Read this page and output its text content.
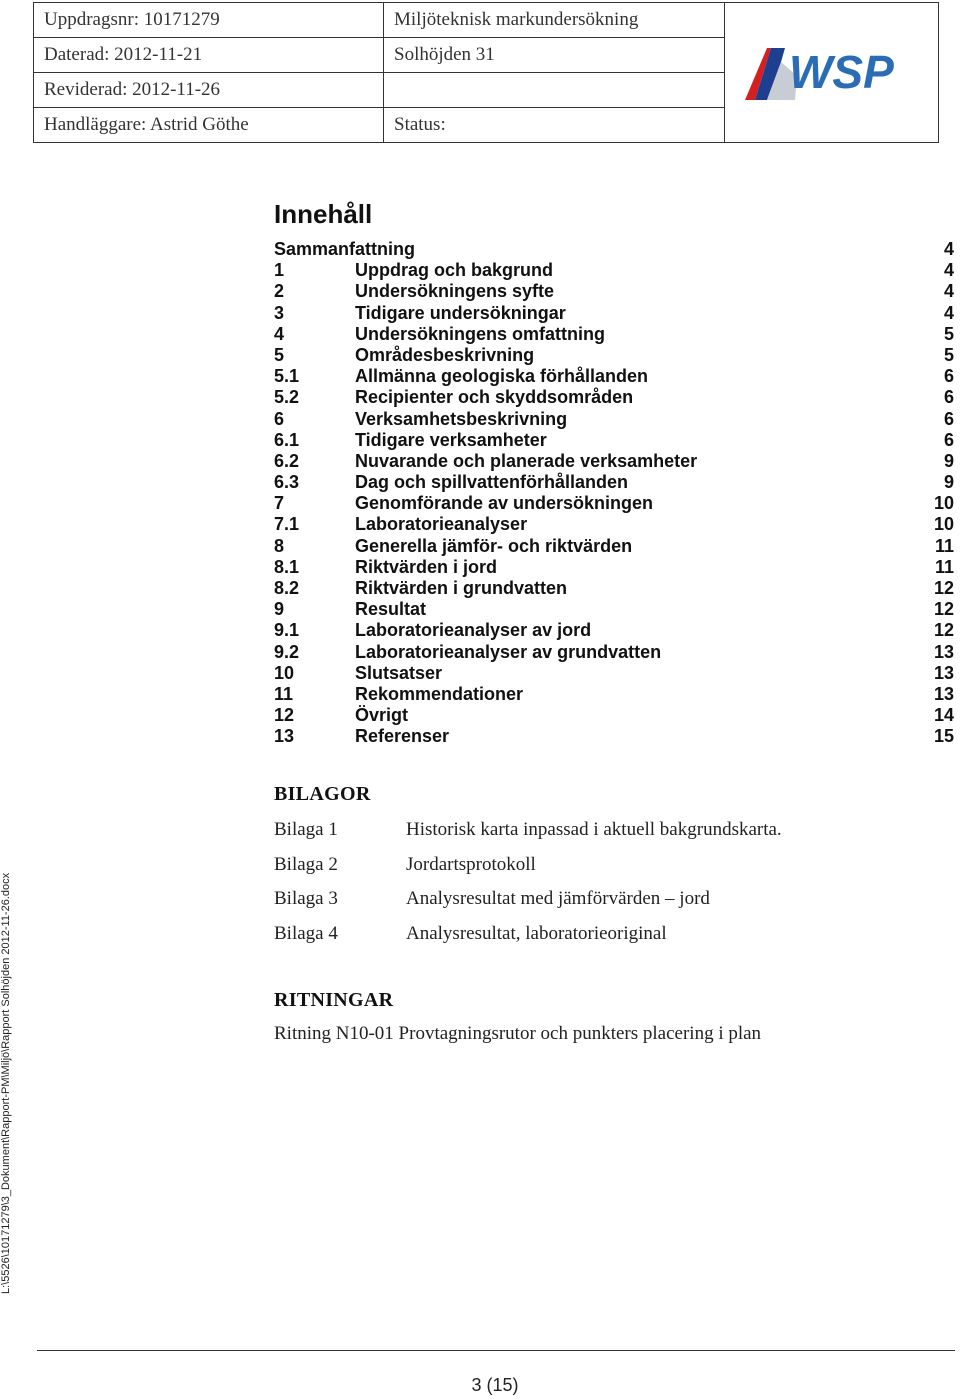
Uppdragsnr: 10171279	Miljöteknisk markundersökning	WSP

Daterad: 2012-11-21	Solhöjden 31	
Reviderad: 2012-11-26		
Handläggare: Astrid Göthe	Status:	
Innehåll
Sammanfattning	4
1	Uppdrag och bakgrund	4
2	Undersökningens syfte	4
3	Tidigare undersökningar	4
4	Undersökningens omfattning	5
5	Områdesbeskrivning	5
5.1	Allmänna geologiska förhållanden	6
5.2	Recipienter och skyddsområden	6
6	Verksamhetsbeskrivning	6
6.1	Tidigare verksamheter	6
6.2	Nuvarande och planerade verksamheter	9
6.3	Dag och spillvattenförhållanden	9
7	Genomförande av undersökningen	10
7.1	Laboratorieanalyser	10
8	Generella jämför- och riktvärden	11
8.1	Riktvärden i jord	11
8.2	Riktvärden i grundvatten	12
9	Resultat	12
9.1	Laboratorieanalyser av jord	12
9.2	Laboratorieanalyser av grundvatten	13
10	Slutsatser	13
11	Rekommendationer	13
12	Övrigt	14
13	Referenser	15
BILAGOR
Bilaga 1	Historisk karta inpassad i aktuell bakgrundskarta.
Bilaga 2	Jordartsprotokoll
Bilaga 3	Analysresultat med jämförvärden – jord
Bilaga 4	Analysresultat, laboratorieoriginal
RITNINGAR
Ritning N10-01 Provtagningsrutor och punkters placering i plan
L:\5526\10171279\3_Dokument\Rapport-PM\Miljö\Rapport Solhöjden 2012-11-26.docx
3 (15)
